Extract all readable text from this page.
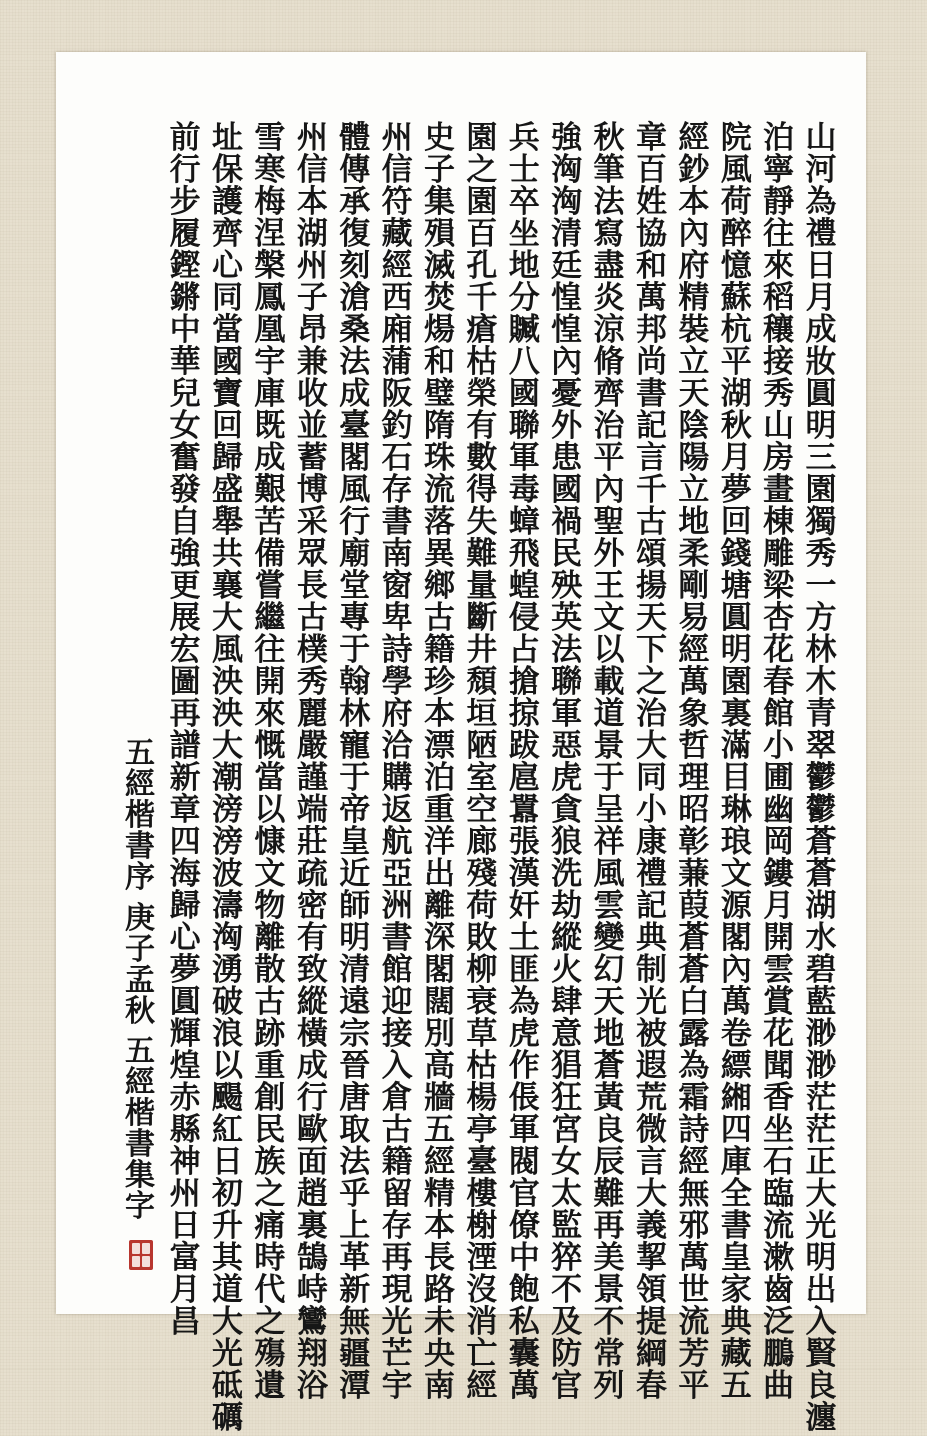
山
河
為
禮
日
月
成
妝
圓
明
三
園
獨
秀
一
方
林
木
青
翠
鬱
鬱
蒼
蒼
湖
水
碧
藍
渺
渺
茫
茫
正
大
光
明
出
入
賢
良
瀍
泊
寧
靜
往
來
稻
穰
接
秀
山
房
畫
棟
雕
梁
杏
花
春
館
小
圃
幽
岡
鏤
月
開
雲
賞
花
聞
香
坐
石
臨
流
漱
齒
泛
鵬
曲
院
風
荷
醉
憶
蘇
杭
平
湖
秋
月
夢
回
錢
塘
圓
明
園
裏
滿
目
琳
琅
文
源
閣
內
萬
卷
縹
緗
四
庫
全
書
皇
家
典
藏
五
經
鈔
本
內
府
精
裝
立
天
陰
陽
立
地
柔
剛
易
經
萬
象
哲
理
昭
彰
蒹
葭
蒼
蒼
白
露
為
霜
詩
經
無
邪
萬
世
流
芳
平
章
百
姓
協
和
萬
邦
尚
書
記
言
千
古
頌
揚
天
下
之
治
大
同
小
康
禮
記
典
制
光
被
遐
荒
微
言
大
義
挈
領
提
綱
春
秋
筆
法
寫
盡
炎
涼
脩
齊
治
平
內
聖
外
王
文
以
載
道
景
于
呈
祥
風
雲
變
幻
天
地
蒼
黃
良
辰
難
再
美
景
不
常
列
強
洶
洶
清
廷
惶
惶
內
憂
外
患
國
禍
民
殃
英
法
聯
軍
惡
虎
貪
狼
洗
劫
縱
火
肆
意
猖
狂
宮
女
太
監
猝
不
及
防
官
兵
士
卒
坐
地
分
贓
八
國
聯
軍
毒
蟑
飛
蝗
侵
占
搶
掠
跋
扈
囂
張
漢
奸
土
匪
為
虎
作
倀
軍
閥
官
僚
中
飽
私
囊
萬
園
之
園
百
孔
千
瘡
枯
榮
有
數
得
失
難
量
斷
井
頹
垣
陋
室
空
廊
殘
荷
敗
柳
衰
草
枯
楊
亭
臺
樓
榭
湮
沒
消
亡
經
史
子
集
殞
滅
焚
煬
和
璧
隋
珠
流
落
異
鄉
古
籍
珍
本
漂
泊
重
洋
出
離
深
閣
闊
別
高
牆
五
經
精
本
長
路
未
央
南
州
信
符
藏
經
西
廂
蒲
阪
釣
石
存
書
南
窗
卑
詩
學
府
洽
購
返
航
亞
洲
書
館
迎
接
入
倉
古
籍
留
存
再
現
光
芒
宇
體
傳
承
復
刻
滄
桑
法
成
臺
閣
風
行
廟
堂
專
于
翰
林
寵
于
帝
皇
近
師
明
清
遠
宗
晉
唐
取
法
乎
上
革
新
無
疆
潭
州
信
本
湖
州
子
昂
兼
收
並
蓄
博
采
眾
長
古
樸
秀
麗
嚴
謹
端
莊
疏
密
有
致
縱
橫
成
行
歐
面
趙
裏
鵠
峙
鸞
翔
浴
雪
寒
梅
涅
槃
鳳
凰
宇
庫
既
成
艱
苦
備
嘗
繼
往
開
來
慨
當
以
慷
文
物
離
散
古
跡
重
創
民
族
之
痛
時
代
之
殤
遺
址
保
護
齊
心
同
當
國
寶
回
歸
盛
舉
共
襄
大
風
泱
泱
大
潮
滂
滂
波
濤
洶
湧
破
浪
以
颺
紅
日
初
升
其
道
大
光
砥
礪
前
行
步
履
鏗
鏘
中
華
兒
女
奮
發
自
強
更
展
宏
圖
再
譜
新
章
四
海
歸
心
夢
圓
輝
煌
赤
縣
神
州
日
富
月
昌
五
經
楷
書
序
庚
子
孟
秋
五
經
楷
書
集
字
